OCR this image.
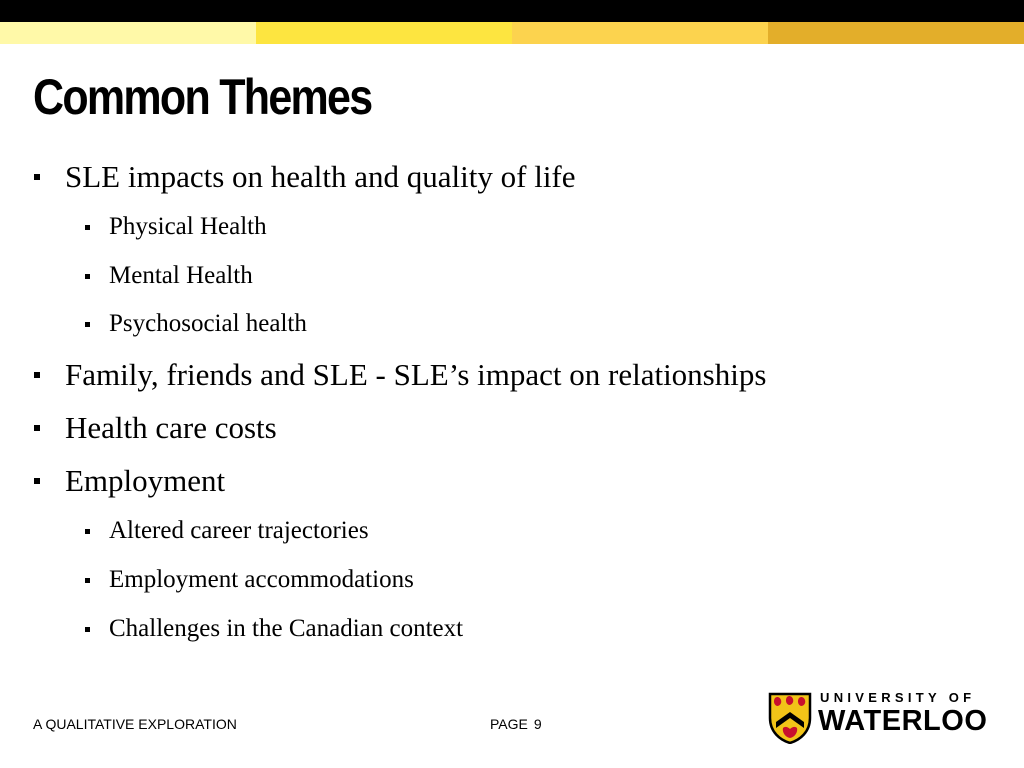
Common Themes
SLE impacts on health and quality of life
Physical Health
Mental Health
Psychosocial health
Family, friends and SLE - SLE’s impact on relationships
Health care costs
Employment
Altered career trajectories
Employment accommodations
Challenges in the Canadian context
A QUALITATIVE EXPLORATION	PAGE 9
UNIVERSITY OF
WATERLOO
